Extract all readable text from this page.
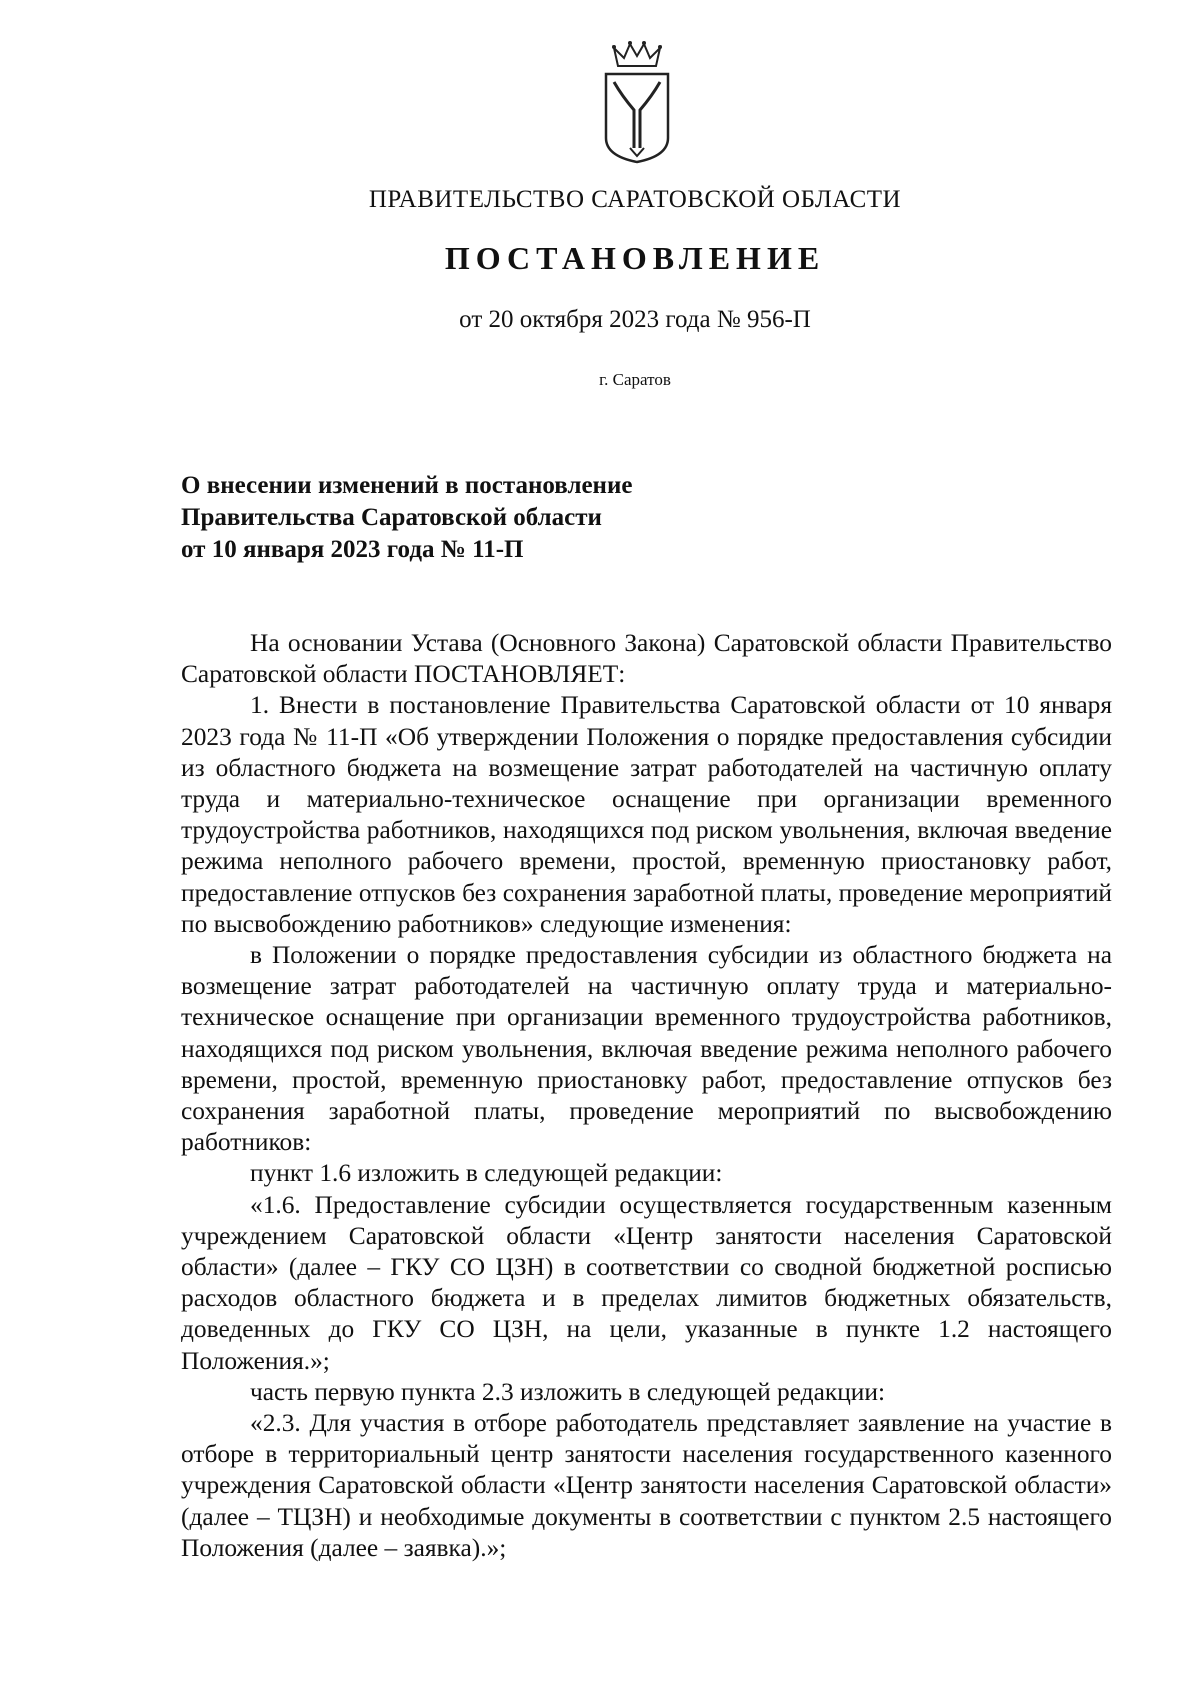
ПРАВИТЕЛЬСТВО САРАТОВСКОЙ ОБЛАСТИ
ПОСТАНОВЛЕНИЕ
от 20 октября 2023 года № 956-П
г. Саратов
О внесении изменений в постановление
Правительства Саратовской области
от 10 января 2023 года № 11-П

На основании Устава (Основного Закона) Саратовской области Правительство Саратовской области ПОСТАНОВЛЯЕТ:

1. Внести в постановление Правительства Саратовской области от 10 января 2023 года № 11-П «Об утверждении Положения о порядке предоставления субсидии из областного бюджета на возмещение затрат работодателей на частичную оплату труда и материально-техническое оснащение при организации временного трудоустройства работников, находящихся под риском увольнения, включая введение режима неполного рабочего времени, простой, временную приостановку работ, предоставление отпусков без сохранения заработной платы, проведение мероприятий по высвобождению работников» следующие изменения:

в Положении о порядке предоставления субсидии из областного бюджета на возмещение затрат работодателей на частичную оплату труда и материально-техническое оснащение при организации временного трудоустройства работников, находящихся под риском увольнения, включая введение режима неполного рабочего времени, простой, временную приостановку работ, предоставление отпусков без сохранения заработной платы, проведение мероприятий по высвобождению работников:

пункт 1.6 изложить в следующей редакции:

«1.6. Предоставление субсидии осуществляется государственным казенным учреждением Саратовской области «Центр занятости населения Саратовской области» (далее – ГКУ СО ЦЗН) в соответствии со сводной бюджетной росписью расходов областного бюджета и в пределах лимитов бюджетных обязательств, доведенных до ГКУ СО ЦЗН, на цели, указанные в пункте 1.2 настоящего Положения.»;

часть первую пункта 2.3 изложить в следующей редакции:

«2.3. Для участия в отборе работодатель представляет заявление на участие в отборе в территориальный центр занятости населения государственного казенного учреждения Саратовской области «Центр занятости населения Саратовской области» (далее – ТЦЗН) и необходимые документы в соответствии с пунктом 2.5 настоящего Положения (далее – заявка).»;
